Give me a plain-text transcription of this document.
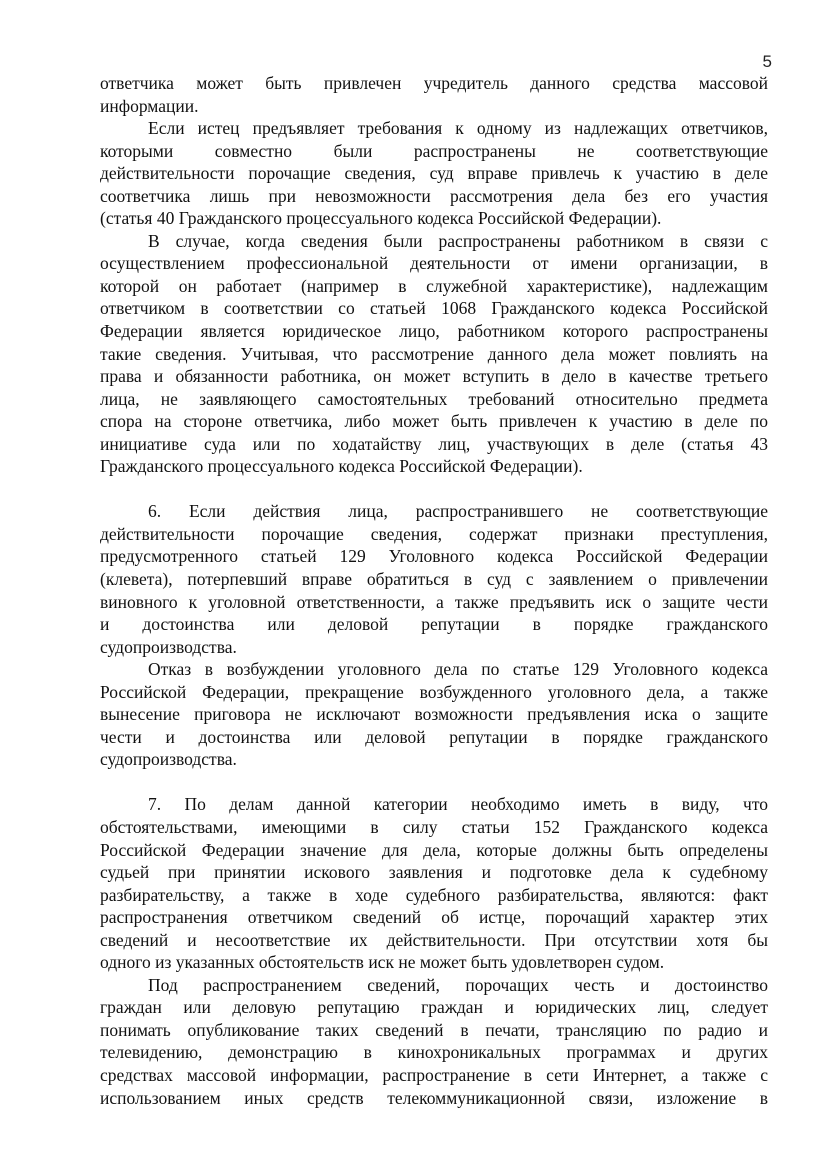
5
ответчика может быть привлечен учредитель данного средства массовой
информации.
Если истец предъявляет требования к одному из надлежащих ответчиков,
которыми совместно были распространены не соответствующие
действительности порочащие сведения, суд вправе привлечь к участию в деле
соответчика лишь при невозможности рассмотрения дела без его участия
(статья 40 Гражданского процессуального кодекса Российской Федерации).
В случае, когда сведения были распространены работником в связи с
осуществлением профессиональной деятельности от имени организации, в
которой он работает (например в служебной характеристике), надлежащим
ответчиком в соответствии со статьей 1068 Гражданского кодекса Российской
Федерации является юридическое лицо, работником которого распространены
такие сведения. Учитывая, что рассмотрение данного дела может повлиять на
права и обязанности работника, он может вступить в дело в качестве третьего
лица, не заявляющего самостоятельных требований относительно предмета
спора на стороне ответчика, либо может быть привлечен к участию в деле по
инициативе суда или по ходатайству лиц, участвующих в деле (статья 43
Гражданского процессуального кодекса Российской Федерации).
6. Если действия лица, распространившего не соответствующие
действительности порочащие сведения, содержат признаки преступления,
предусмотренного статьей 129 Уголовного кодекса Российской Федерации
(клевета), потерпевший вправе обратиться в суд с заявлением о привлечении
виновного к уголовной ответственности, а также предъявить иск о защите чести
и достоинства или деловой репутации в порядке гражданского
судопроизводства.
Отказ в возбуждении уголовного дела по статье 129 Уголовного кодекса
Российской Федерации, прекращение возбужденного уголовного дела, а также
вынесение приговора не исключают возможности предъявления иска о защите
чести и достоинства или деловой репутации в порядке гражданского
судопроизводства.
7. По делам данной категории необходимо иметь в виду, что
обстоятельствами, имеющими в силу статьи 152 Гражданского кодекса
Российской Федерации значение для дела, которые должны быть определены
судьей при принятии искового заявления и подготовке дела к судебному
разбирательству, а также в ходе судебного разбирательства, являются: факт
распространения ответчиком сведений об истце, порочащий характер этих
сведений и несоответствие их действительности. При отсутствии хотя бы
одного из указанных обстоятельств иск не может быть удовлетворен судом.
Под распространением сведений, порочащих честь и достоинство
граждан или деловую репутацию граждан и юридических лиц, следует
понимать опубликование таких сведений в печати, трансляцию по радио и
телевидению, демонстрацию в кинохроникальных программах и других
средствах массовой информации, распространение в сети Интернет, а также с
использованием иных средств телекоммуникационной связи, изложение в
